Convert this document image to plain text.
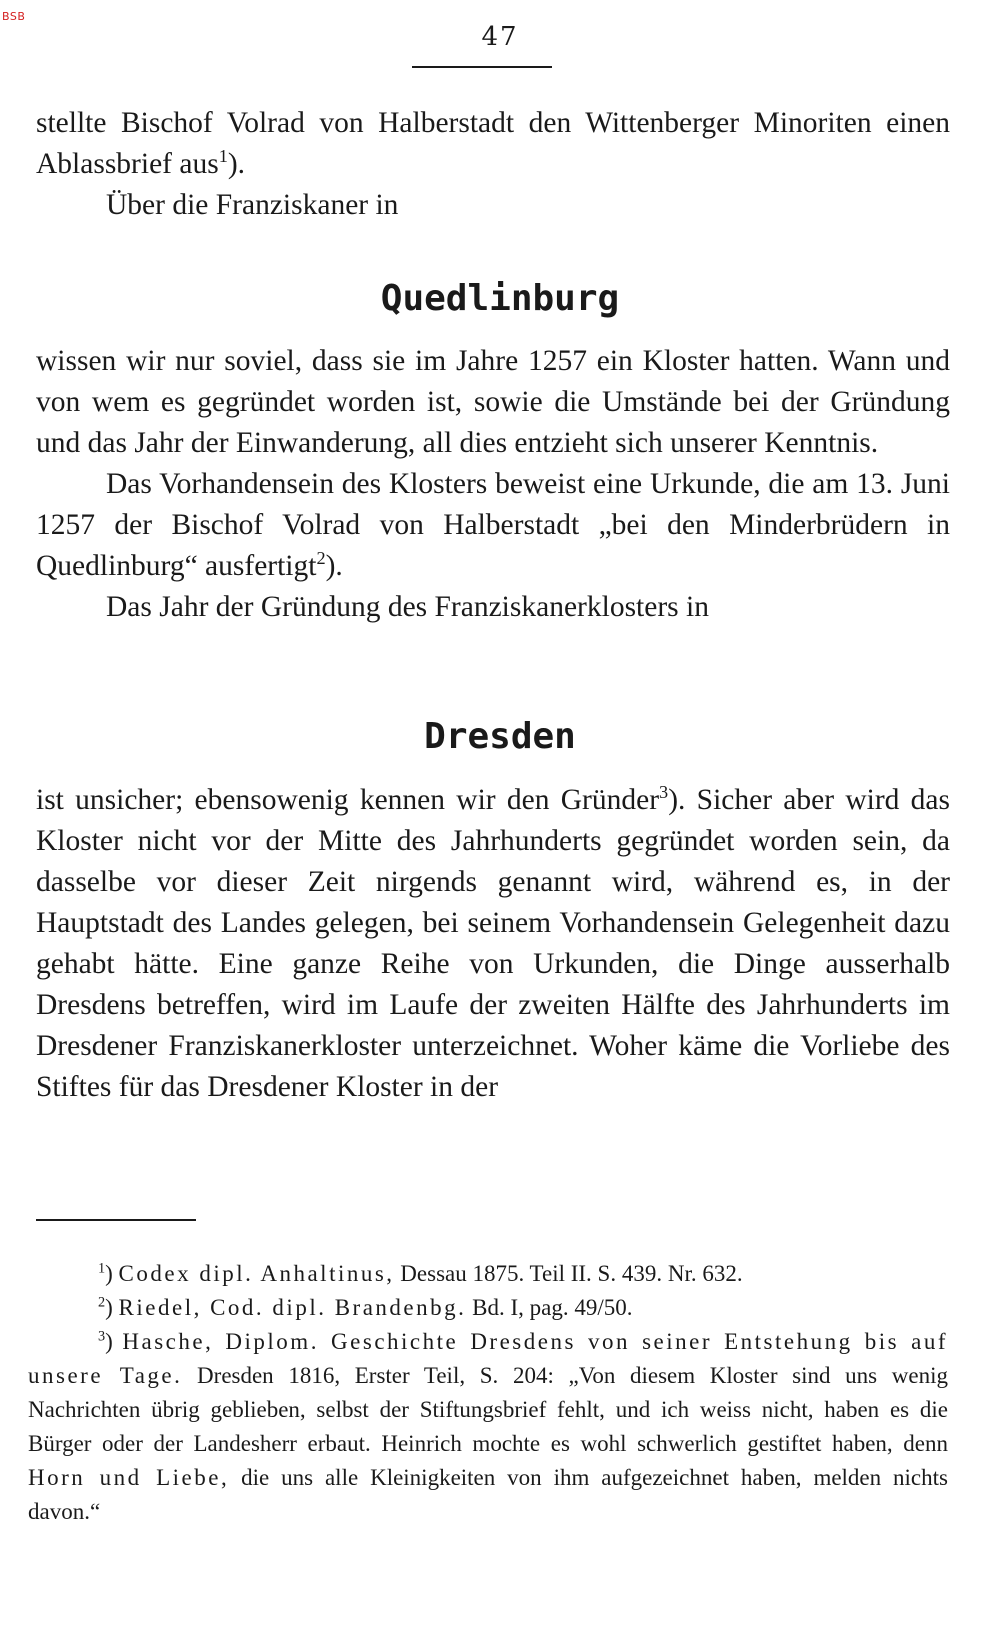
BSB
47

stellte Bischof Volrad von Halberstadt den Wittenberger Minoriten einen Ablassbrief aus$^1$).

Über die Franziskaner in

Quedlinburg

wissen wir nur soviel, dass sie im Jahre 1257 ein Kloster hatten. Wann und von wem es gegründet worden ist, sowie die Umstände bei der Gründung und das Jahr der Einwanderung, all dies entzieht sich unserer Kenntnis.

Das Vorhandensein des Klosters beweist eine Urkunde, die am 13. Juni 1257 der Bischof Volrad von Halberstadt „bei den Minderbrüdern in Quedlinburg“ ausfertigt$^2$).

Das Jahr der Gründung des Franziskanerklosters in

Dresden

ist unsicher; ebensowenig kennen wir den Gründer$^3$). Sicher aber wird das Kloster nicht vor der Mitte des Jahrhunderts gegründet worden sein, da dasselbe vor dieser Zeit nirgends genannt wird, während es, in der Hauptstadt des Landes gelegen, bei seinem Vorhandensein Gelegenheit dazu gehabt hätte. Eine ganze Reihe von Urkunden, die Dinge ausserhalb Dresdens betreffen, wird im Laufe der zweiten Hälfte des Jahrhunderts im Dresdener Franziskanerkloster unterzeichnet. Woher käme die Vorliebe des Stiftes für das Dresdener Kloster in der

$^1$) Codex dipl. Anhaltinus, Dessau 1875. Teil II. S. 439. Nr. 632.

$^2$) Riedel, Cod. dipl. Brandenbg. Bd. I, pag. 49/50.

$^3$) Hasche, Diplom. Geschichte Dresdens von seiner Entstehung bis auf unsere Tage. Dresden 1816, Erster Teil, S. 204: „Von diesem Kloster sind uns wenig Nachrichten übrig geblieben, selbst der Stiftungsbrief fehlt, und ich weiss nicht, haben es die Bürger oder der Landesherr erbaut. Heinrich mochte es wohl schwerlich gestiftet haben, denn Horn und Liebe, die uns alle Kleinigkeiten von ihm aufgezeichnet haben, melden nichts davon.“
